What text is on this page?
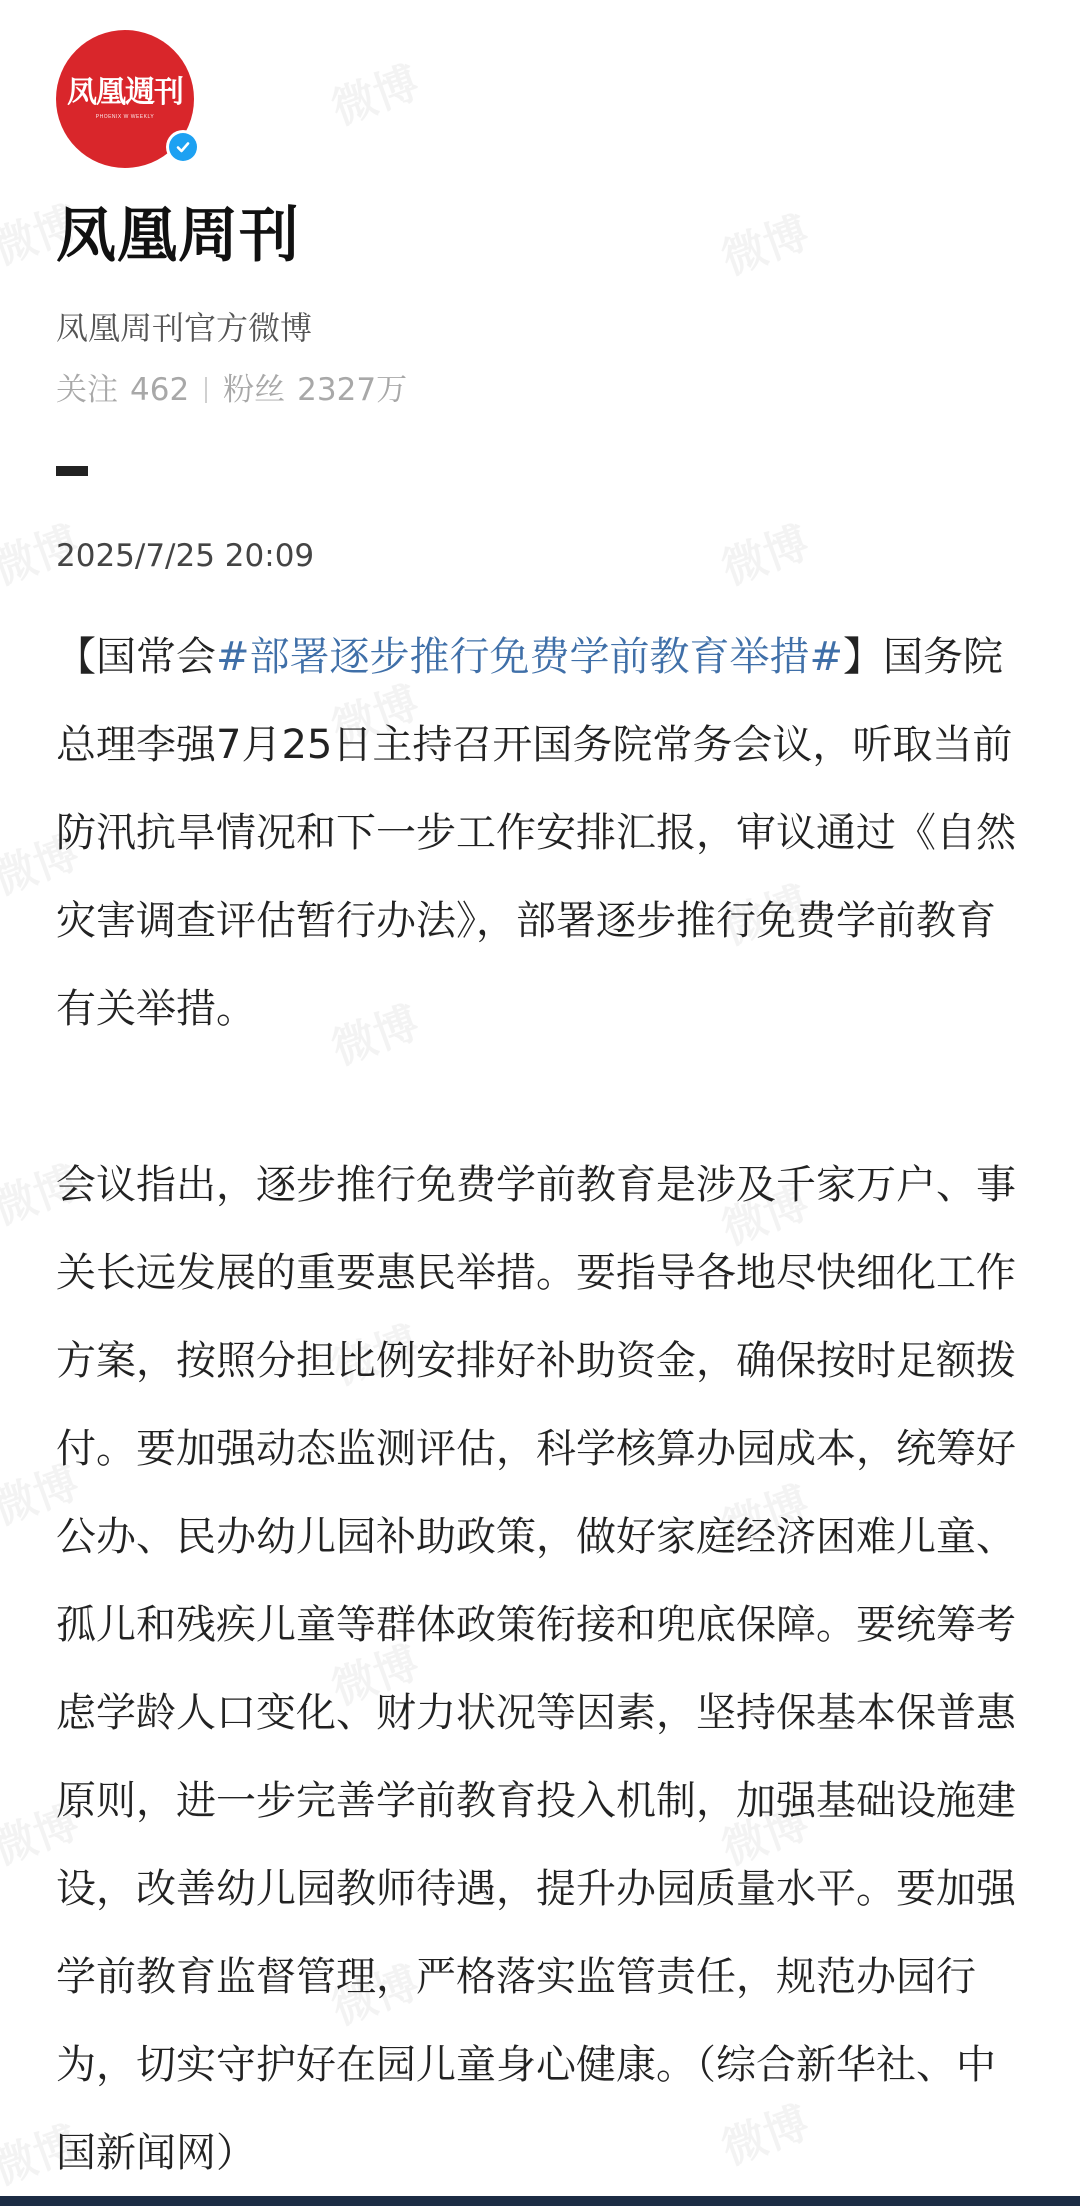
凤凰週刊
PHOENIX W WEEKLY
凤凰周刊
凤凰周刊官方微博
关注 462 粉丝 2327万
2025/7/25 20:09

【国常会#部署逐步推行免费学前教育举措#】国务院总理李强7月25日主持召开国务院常务会议，听取当前防汛抗旱情况和下一步工作安排汇报，审议通过《自然灾害调查评估暂行办法》，部署逐步推行免费学前教育有关举措。

会议指出，逐步推行免费学前教育是涉及千家万户、事关长远发展的重要惠民举措。要指导各地尽快细化工作方案，按照分担比例安排好补助资金，确保按时足额拨付。要加强动态监测评估，科学核算办园成本，统筹好公办、民办幼儿园补助政策，做好家庭经济困难儿童、孤儿和残疾儿童等群体政策衔接和兜底保障。要统筹考虑学龄人口变化、财力状况等因素，坚持保基本保普惠原则，进一步完善学前教育投入机制，加强基础设施建设，改善幼儿园教师待遇，提升办园质量水平。要加强学前教育监督管理，严格落实监管责任，规范办园行为，切实守护好在园儿童身心健康。（综合新华社、中国新闻网）
